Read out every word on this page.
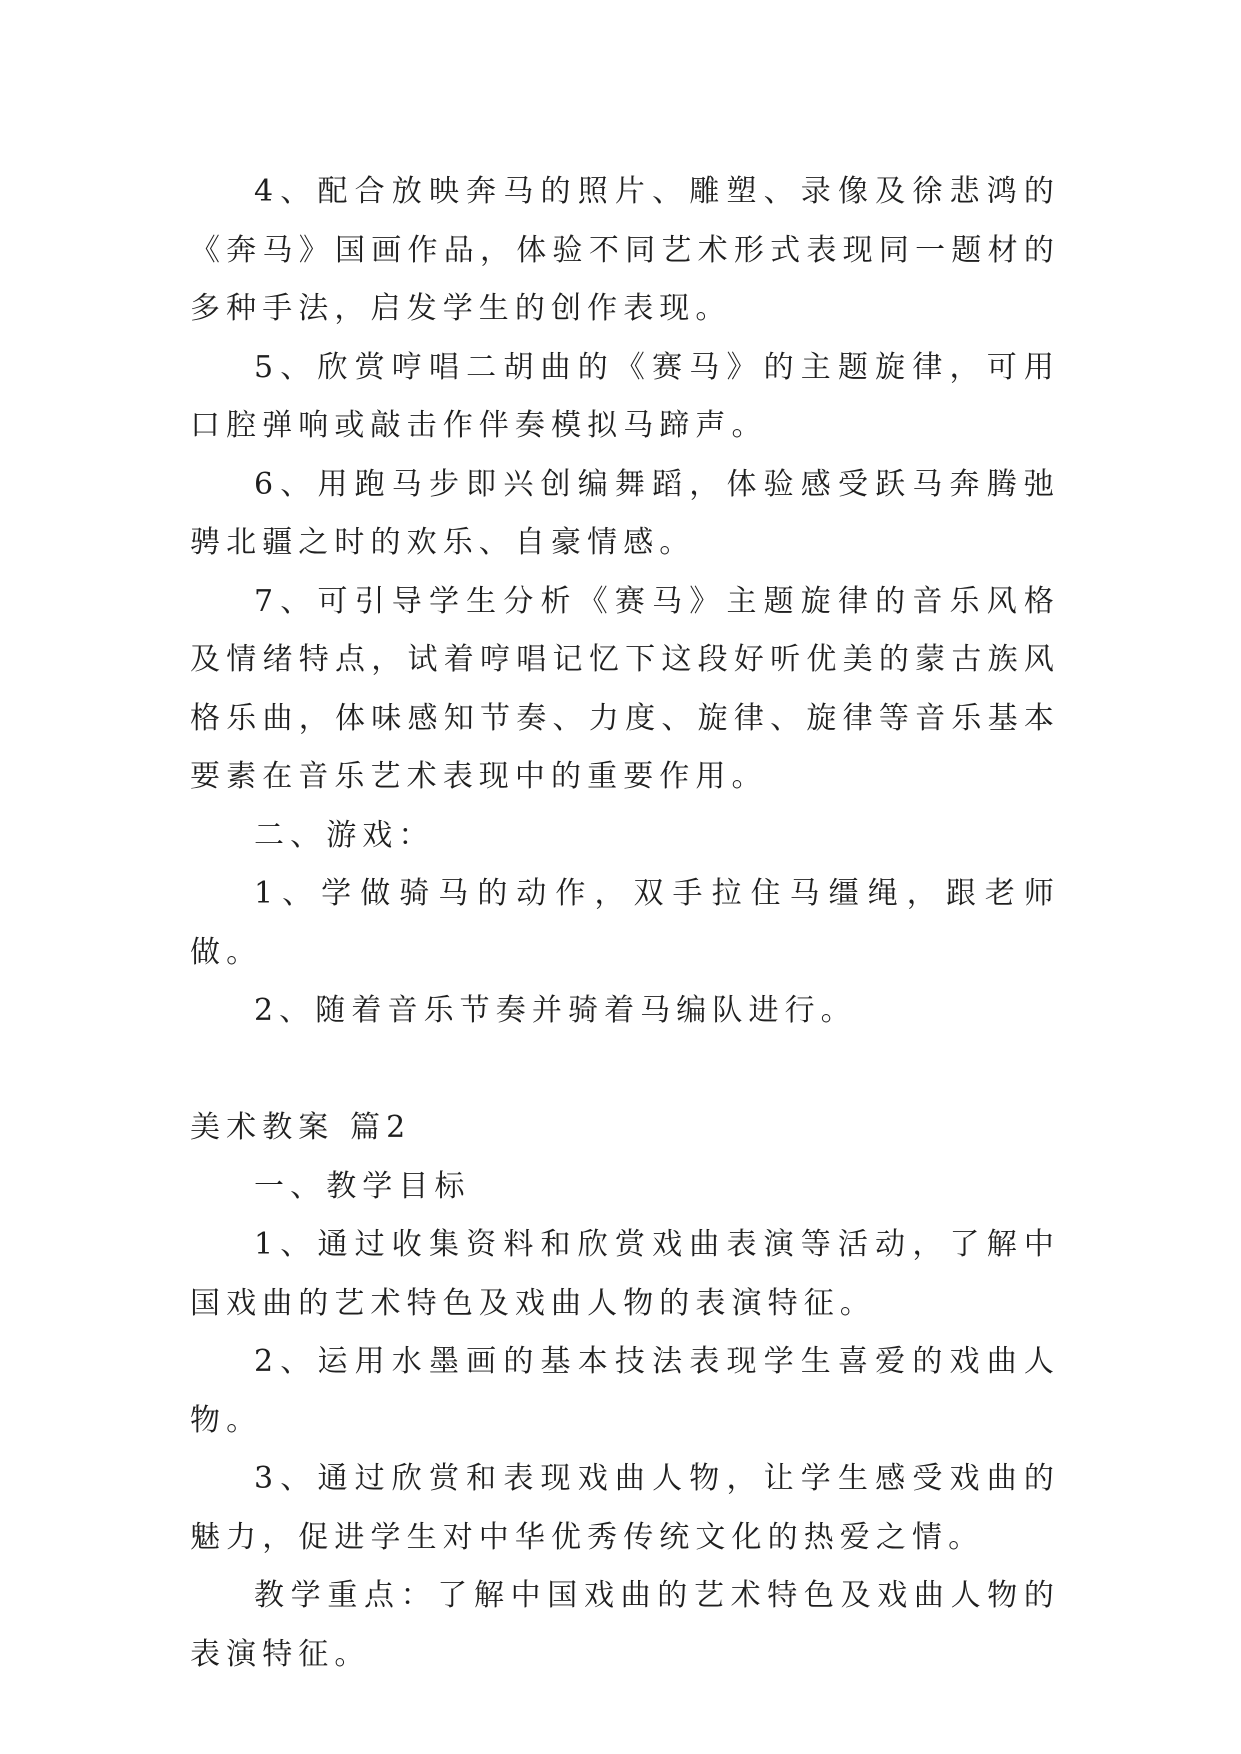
4、配合放映奔马的照片、雕塑、录像及徐悲鸿的《奔马》国画作品，体验不同艺术形式表现同一题材的多种手法，启发学生的创作表现。

5、欣赏哼唱二胡曲的《赛马》的主题旋律，可用口腔弹响或敲击作伴奏模拟马蹄声。

6、用跑马步即兴创编舞蹈，体验感受跃马奔腾弛骋北疆之时的欢乐、自豪情感。

7、可引导学生分析《赛马》主题旋律的音乐风格及情绪特点，试着哼唱记忆下这段好听优美的蒙古族风格乐曲，体味感知节奏、力度、旋律、旋律等音乐基本要素在音乐艺术表现中的重要作用。

二、游戏：

1、学做骑马的动作，双手拉住马缰绳，跟老师做。

2、随着音乐节奏并骑着马编队进行。

美术教案 篇2

一、教学目标

1、通过收集资料和欣赏戏曲表演等活动，了解中国戏曲的艺术特色及戏曲人物的表演特征。

2、运用水墨画的基本技法表现学生喜爱的戏曲人物。

3、通过欣赏和表现戏曲人物，让学生感受戏曲的魅力，促进学生对中华优秀传统文化的热爱之情。

教学重点：了解中国戏曲的艺术特色及戏曲人物的表演特征。
